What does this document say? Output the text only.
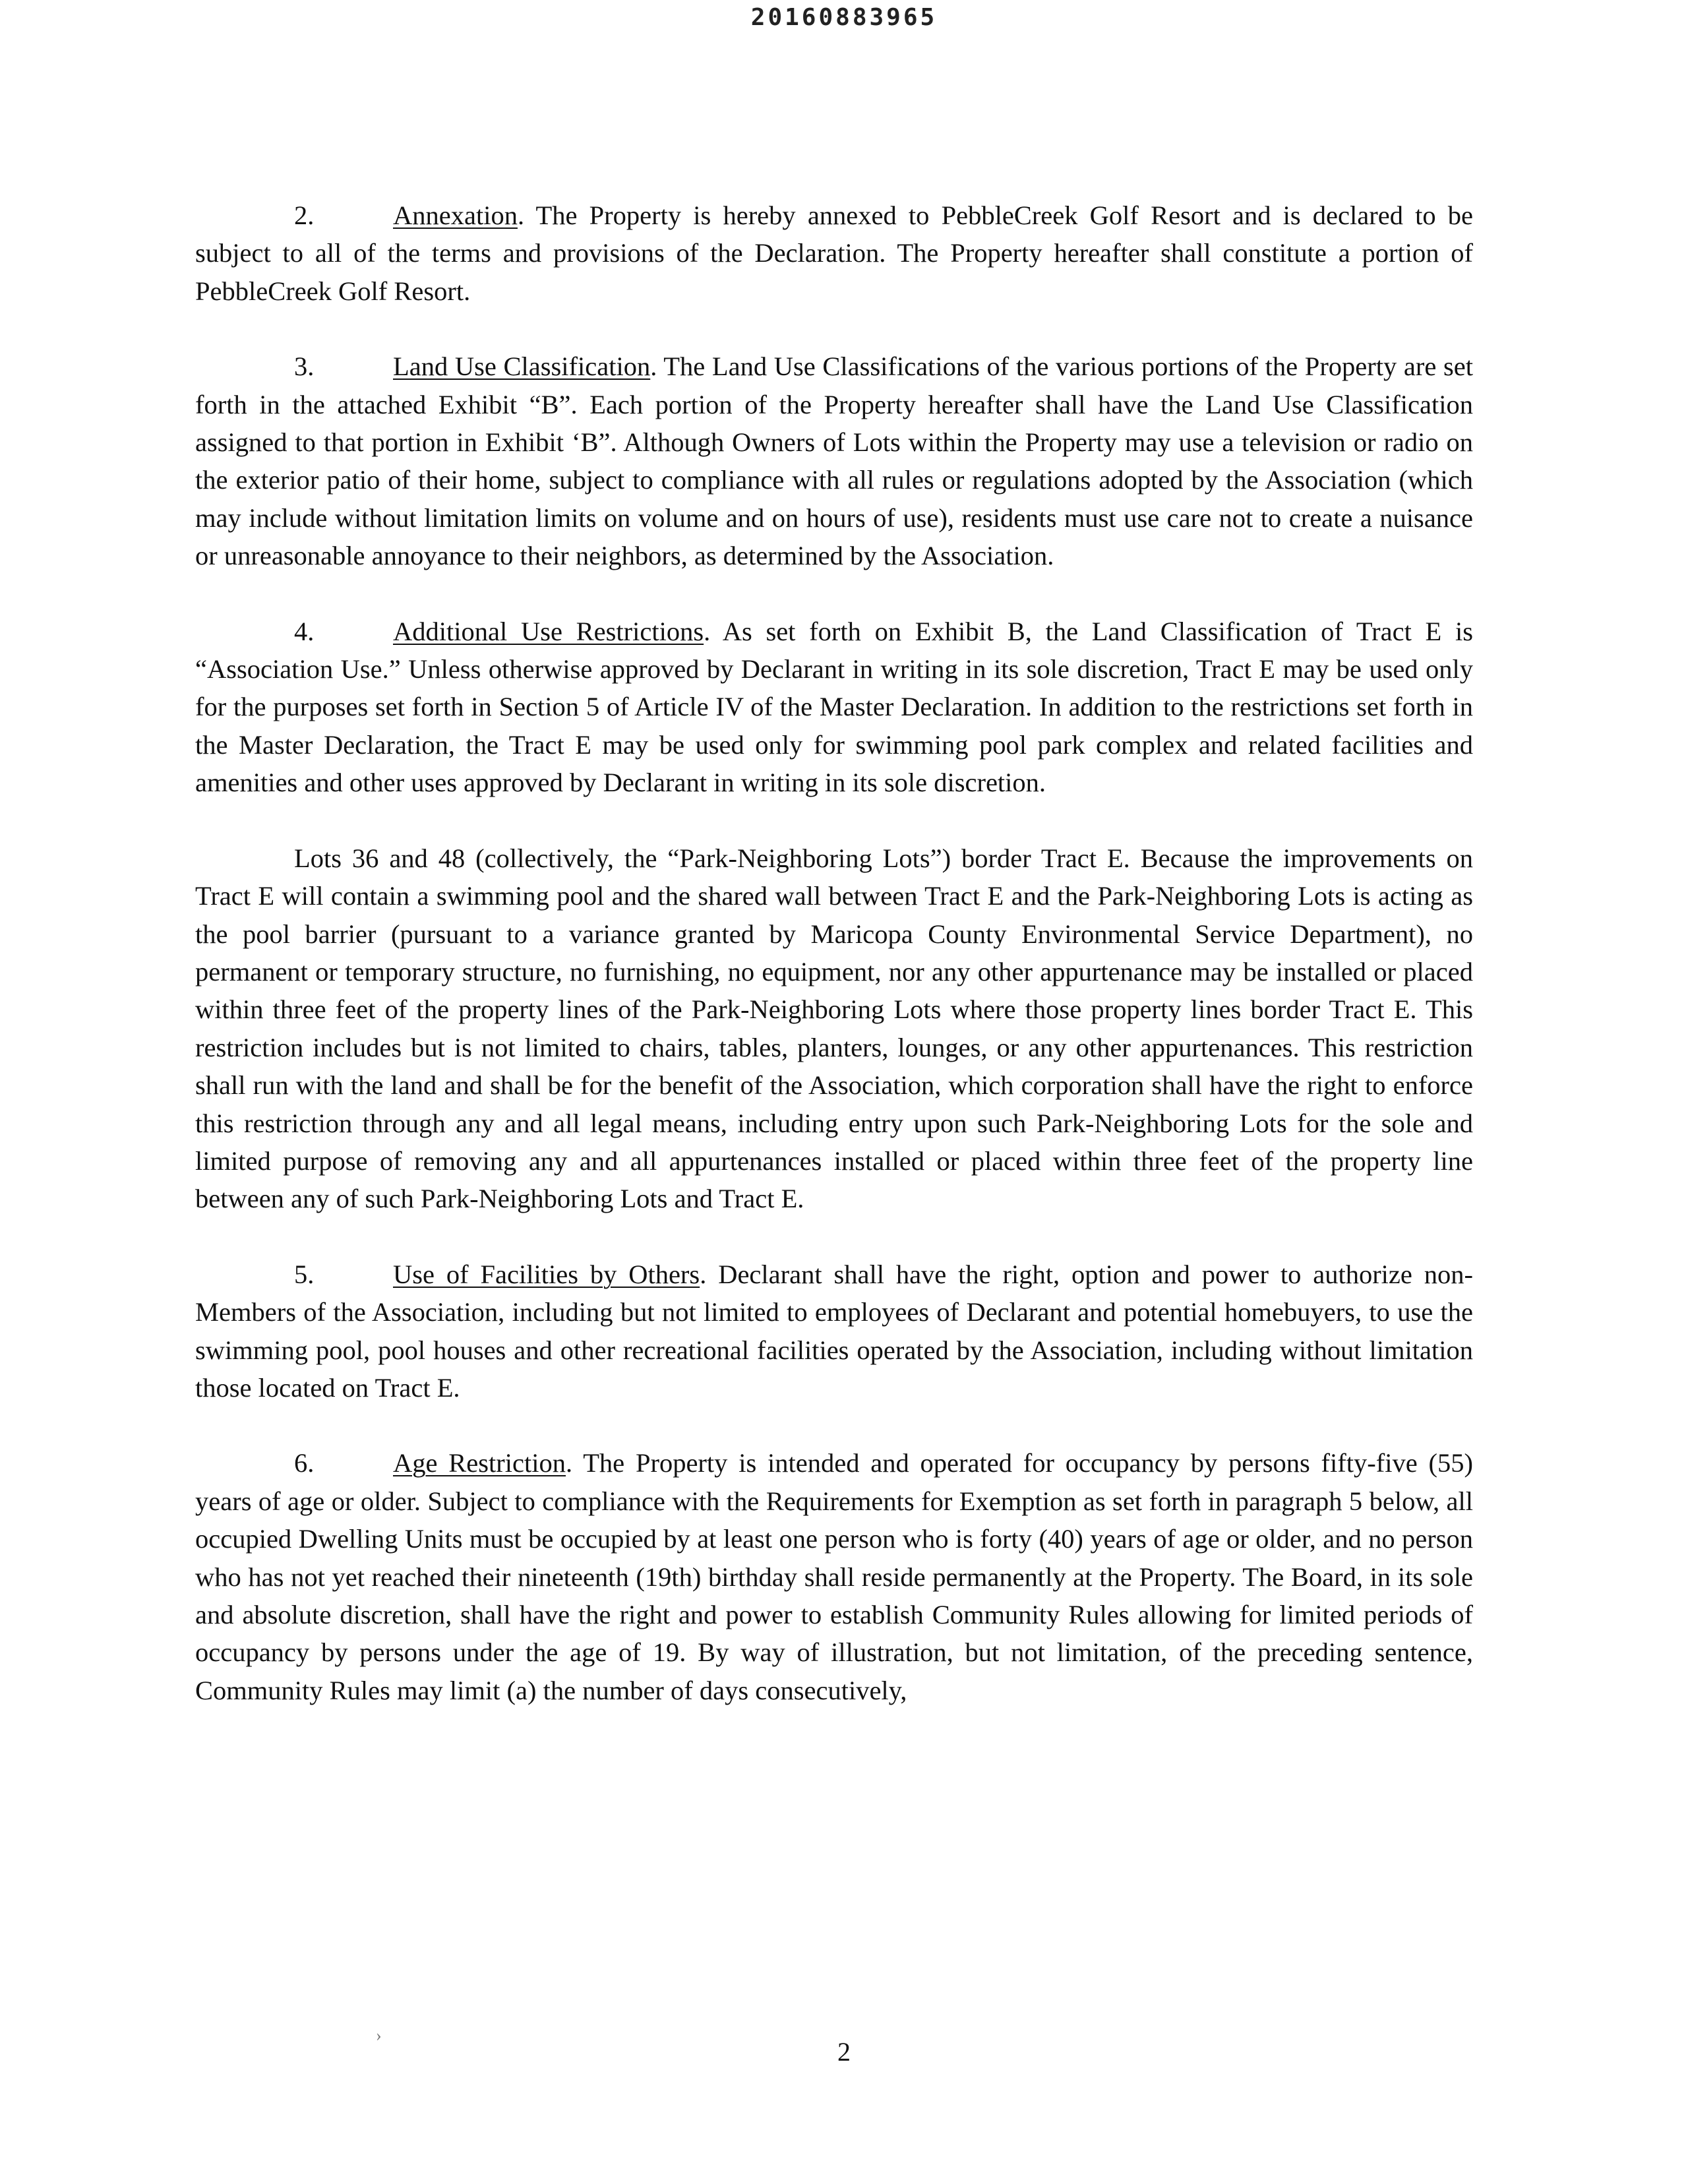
20160883965

2.	Annexation. The Property is hereby annexed to PebbleCreek Golf Resort and is declared to be subject to all of the terms and provisions of the Declaration. The Property hereafter shall constitute a portion of PebbleCreek Golf Resort.

3.	Land Use Classification. The Land Use Classifications of the various portions of the Property are set forth in the attached Exhibit “B”. Each portion of the Property hereafter shall have the Land Use Classification assigned to that portion in Exhibit ‘B”. Although Owners of Lots within the Property may use a television or radio on the exterior patio of their home, subject to compliance with all rules or regulations adopted by the Association (which may include without limitation limits on volume and on hours of use), residents must use care not to create a nuisance or unreasonable annoyance to their neighbors, as determined by the Association.

4.	Additional Use Restrictions. As set forth on Exhibit B, the Land Classification of Tract E is “Association Use.” Unless otherwise approved by Declarant in writing in its sole discretion, Tract E may be used only for the purposes set forth in Section 5 of Article IV of the Master Declaration. In addition to the restrictions set forth in the Master Declaration, the Tract E may be used only for swimming pool park complex and related facilities and amenities and other uses approved by Declarant in writing in its sole discretion.

Lots 36 and 48 (collectively, the “Park-Neighboring Lots”) border Tract E. Because the improvements on Tract E will contain a swimming pool and the shared wall between Tract E and the Park-Neighboring Lots is acting as the pool barrier (pursuant to a variance granted by Maricopa County Environmental Service Department), no permanent or temporary structure, no furnishing, no equipment, nor any other appurtenance may be installed or placed within three feet of the property lines of the Park-Neighboring Lots where those property lines border Tract E. This restriction includes but is not limited to chairs, tables, planters, lounges, or any other appurtenances. This restriction shall run with the land and shall be for the benefit of the Association, which corporation shall have the right to enforce this restriction through any and all legal means, including entry upon such Park-Neighboring Lots for the sole and limited purpose of removing any and all appurtenances installed or placed within three feet of the property line between any of such Park-Neighboring Lots and Tract E.

5.	Use of Facilities by Others. Declarant shall have the right, option and power to authorize non-Members of the Association, including but not limited to employees of Declarant and potential homebuyers, to use the swimming pool, pool houses and other recreational facilities operated by the Association, including without limitation those located on Tract E.

6.	Age Restriction. The Property is intended and operated for occupancy by persons fifty-five (55) years of age or older. Subject to compliance with the Requirements for Exemption as set forth in paragraph 5 below, all occupied Dwelling Units must be occupied by at least one person who is forty (40) years of age or older, and no person who has not yet reached their nineteenth (19th) birthday shall reside permanently at the Property. The Board, in its sole and absolute discretion, shall have the right and power to establish Community Rules allowing for limited periods of occupancy by persons under the age of 19. By way of illustration, but not limitation, of the preceding sentence, Community Rules may limit (a) the number of days consecutively,

2
›
